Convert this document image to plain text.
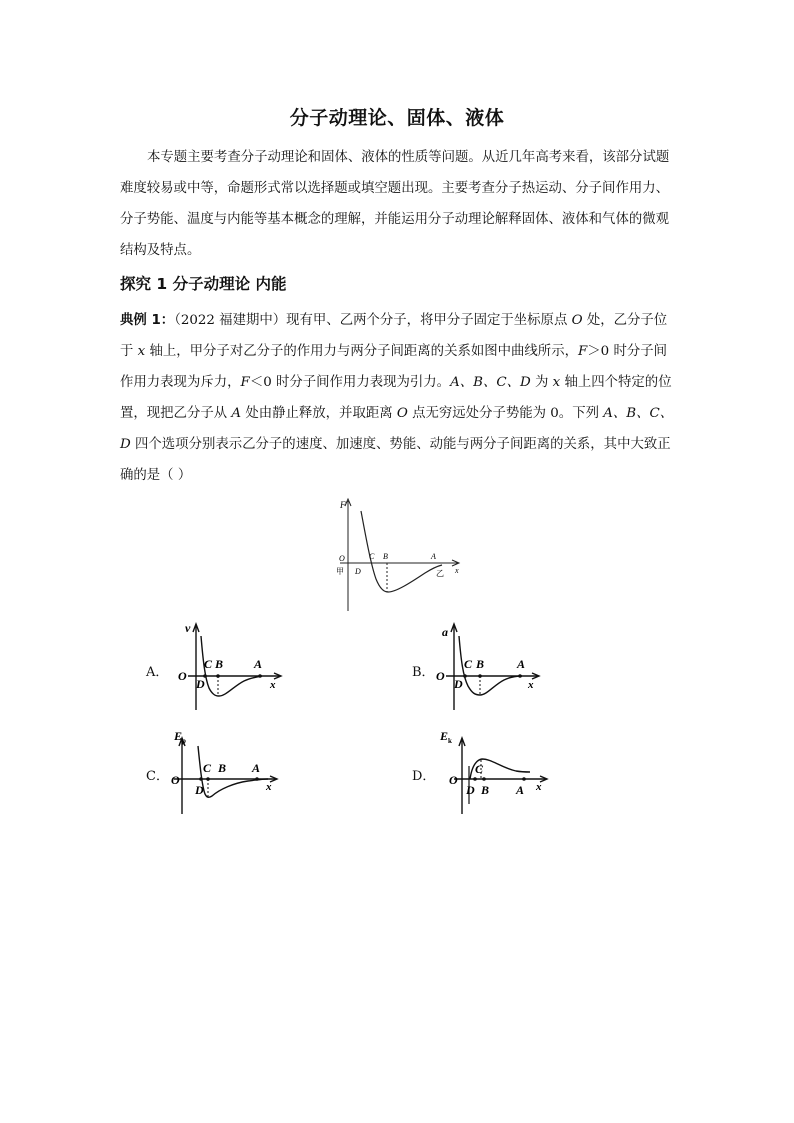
分子动理论、固体、液体

本专题主要考查分子动理论和固体、液体的性质等问题。从近几年高考来看，该部分试题难度较易或中等，命题形式常以选择题或填空题出现。主要考查分子热运动、分子间作用力、分子势能、温度与内能等基本概念的理解，并能运用分子动理论解释固体、液体和气体的微观结构及特点。

探究 1 分子动理论 内能

典例 1：（2022 福建期中）现有甲、乙两个分子，将甲分子固定于坐标原点 O 处，乙分子位于 x 轴上，甲分子对乙分子的作用力与两分子间距离的关系如图中曲线所示，F＞0 时分子间作用力表现为斥力，F＜0 时分子间作用力表现为引力。A、B、C、D 为 x 轴上四个特定的位置，现把乙分子从 A 处由静止释放，并取距离 O 点无穷远处分子势能为 0。下列 A、B、C、D 四个选项分别表示乙分子的速度、加速度、势能、动能与两分子间距离的关系，其中大致正确的是（ ）

F
x
O
甲	乙
C B	A
D
A．
v
x
O
C B	A
D
B．
a
x
O
C B	A
D
C．
$E_p$
x
O
C B A
D
D．
$E_k$
x
O
C
D B A
